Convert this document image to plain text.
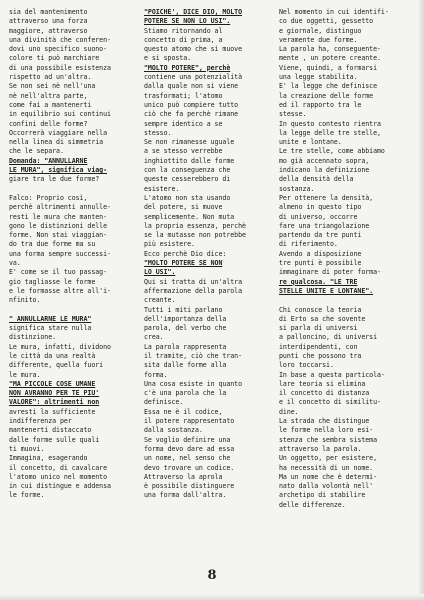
sia del mantenimento
attraverso una forza
maggiore, attraverso
una divinità che conferen-
dovi uno specifico suono-
colore ti può marchiare
di una possibile esistenza
rispetto ad un'altra.
Se non sei nè nell'una
nè nell'altra parte,
come fai a mantenerti
in equilibrio sui continui
confini delle forme?
Occorrerà viaggiare nella
nella linea di simmetria
che le separa.
Domanda: "ANNULLARNE
LE MURA", significa viag-
giare tra le due forme?

Falco: Proprio così,
perchè altrimenti annulle-
resti le mura che manten-
gono le distinzioni delle
forme. Non stai viaggian-
do tra due forme ma su
una forma sempre successi-
va.
E' come se il tuo passag-
gio tagliasse le forme
e le formasse altre all'i-
nfinito.

" ANNULLARNE LE MURA"
significa stare nulla
distinzione.
Le mura, infatti, dividono
le città da una realtà
differente, quella fuori
le mura.
"MA PICCOLE COSE UMANE
NON AVRANNO PER TE PIU'
VALORE": altrimenti non
avresti la sufficiente
indifferenza per
mantenerti distaccato
dalle forme sulle quali
ti muovi.
Immagina, esagerando
il concetto, di cavalcare
l'atomo unico nel momento
in cui distingue e addensa
le forme.
"POICHE', DICE DIO, MOLTO
POTERE SE NON LO USI".
Stiamo ritornando al
concetto di prima, a
questo atomo che si muove
e si sposta.
"MOLTO POTERE", perchè
contiene una potenzialità
dalla quale non si viene
trasformati; l'atomo
unico può compiere tutto
ciò che fa perchè rimane
sempre identico a se
stesso.
Se non rimanesse uguale
a se stesso verrebbe
inghiottito dalle forme
con la conseguenza che
queste cesserebbero di
esistere.
L'atomo non sta usando
del potere, si muove
semplicemente. Non muta
la propria essenza, perchè
se la mutasse non potrebbe
più esistere.
Ecco perchè Dio dice:
"MOLTO POTERE SE NON
LO USI".
Qui si tratta di un'altra
affermazione della parola
creante.
Tutti i miti parlano
dell'importanza della
parola, del verbo che
crea.
La parola rappresenta
il tramite, ciò che tran-
sita dalle forme alla
forma.
Una cosa esiste in quanto
c'è una parola che la
definisce.
Essa ne è il codice,
il potere rappresentato
dalla sostanza.
Se voglio definire una
forma devo dare ad essa
un nome, nel senso che
devo trovare un codice.
Attraverso la aprola
è possibile distinguere
una forma dall'altra.
Nel momento in cui identifi-
co due oggetti, gessetto
e giornale, distinguo
veramente due forme.
La parola ha, conseguente-
mente , un potere creante.
Viene, quindi, a formarsi
una legge stabilita.
E' la legge che definisce
la creazione delle forme
ed il rapporto tra le
stesse.
In questo contesto rientra
la legge delle tre stelle,
unite e lontane.
Le tre stelle, come abbiamo
mo già accennato sopra,
indicano la definizione
della densità della
sostanza.
Per ottenere la densità,
almeno in questo tipo
di universo, occorre
fare una triangolazione
partendo da tre punti
di riferimento.
Avendo a disposizione
tre punti è possibile
immaginare di poter forma-
re qualcosa. "LE TRE
STELLE UNITE E LONTANE".

Chi conosce la teoria
di Erto sa che sovente
si parla di universi
a palloncino, di universi
interdipendenti, con
punti che possono tra
loro toccarsi.
In base a questa particola-
lare teoria si elimina
il concetto di distanza
e il concetto di similitu-
dine.
La strada che distingue
le forme nella loro esi-
stenza che sembra sistema
attraverso la parola.
Un oggetto, per esistere,
ha necessità di un nome.
Ma un nome che è determi-
nato dalla volontà nell'
archetipo di stabilire
delle differenze.
8
